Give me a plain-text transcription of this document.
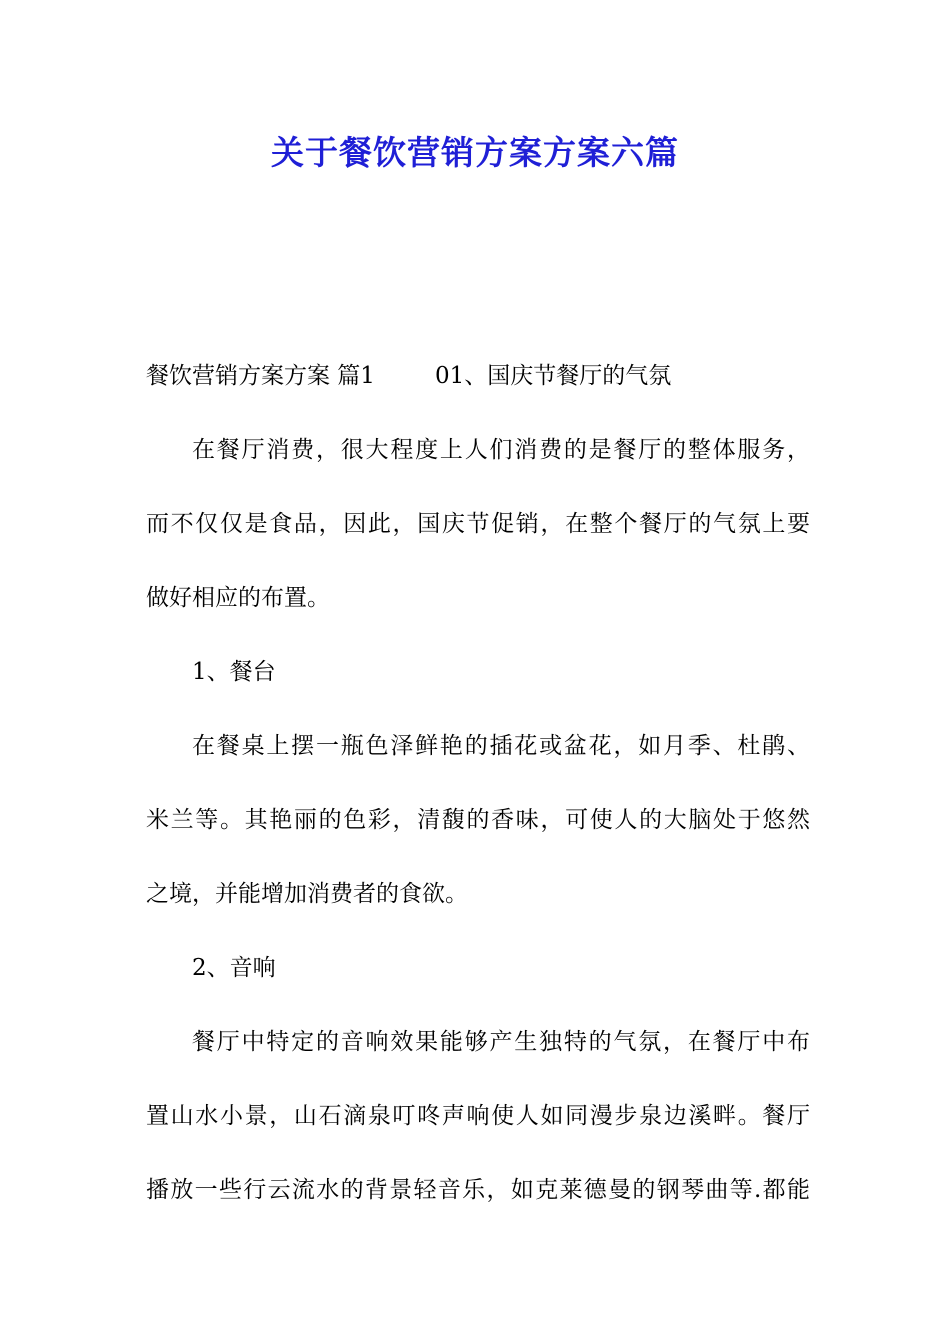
关于餐饮营销方案方案六篇
餐饮营销方案方案 篇1	01、国庆节餐厅的气氛
在餐厅消费，很大程度上人们消费的是餐厅的整体服务，
而不仅仅是食品，因此，国庆节促销，在整个餐厅的气氛上要
做好相应的布置。
1、餐台
在餐桌上摆一瓶色泽鲜艳的插花或盆花，如月季、杜鹃、
米兰等。其艳丽的色彩，清馥的香味，可使人的大脑处于悠然
之境，并能增加消费者的食欲。
2、音响
餐厅中特定的音响效果能够产生独特的气氛，在餐厅中布
置山水小景，山石滴泉叮咚声响使人如同漫步泉边溪畔。餐厅
播放一些行云流水的背景轻音乐，如克莱德曼的钢琴曲等.都能
